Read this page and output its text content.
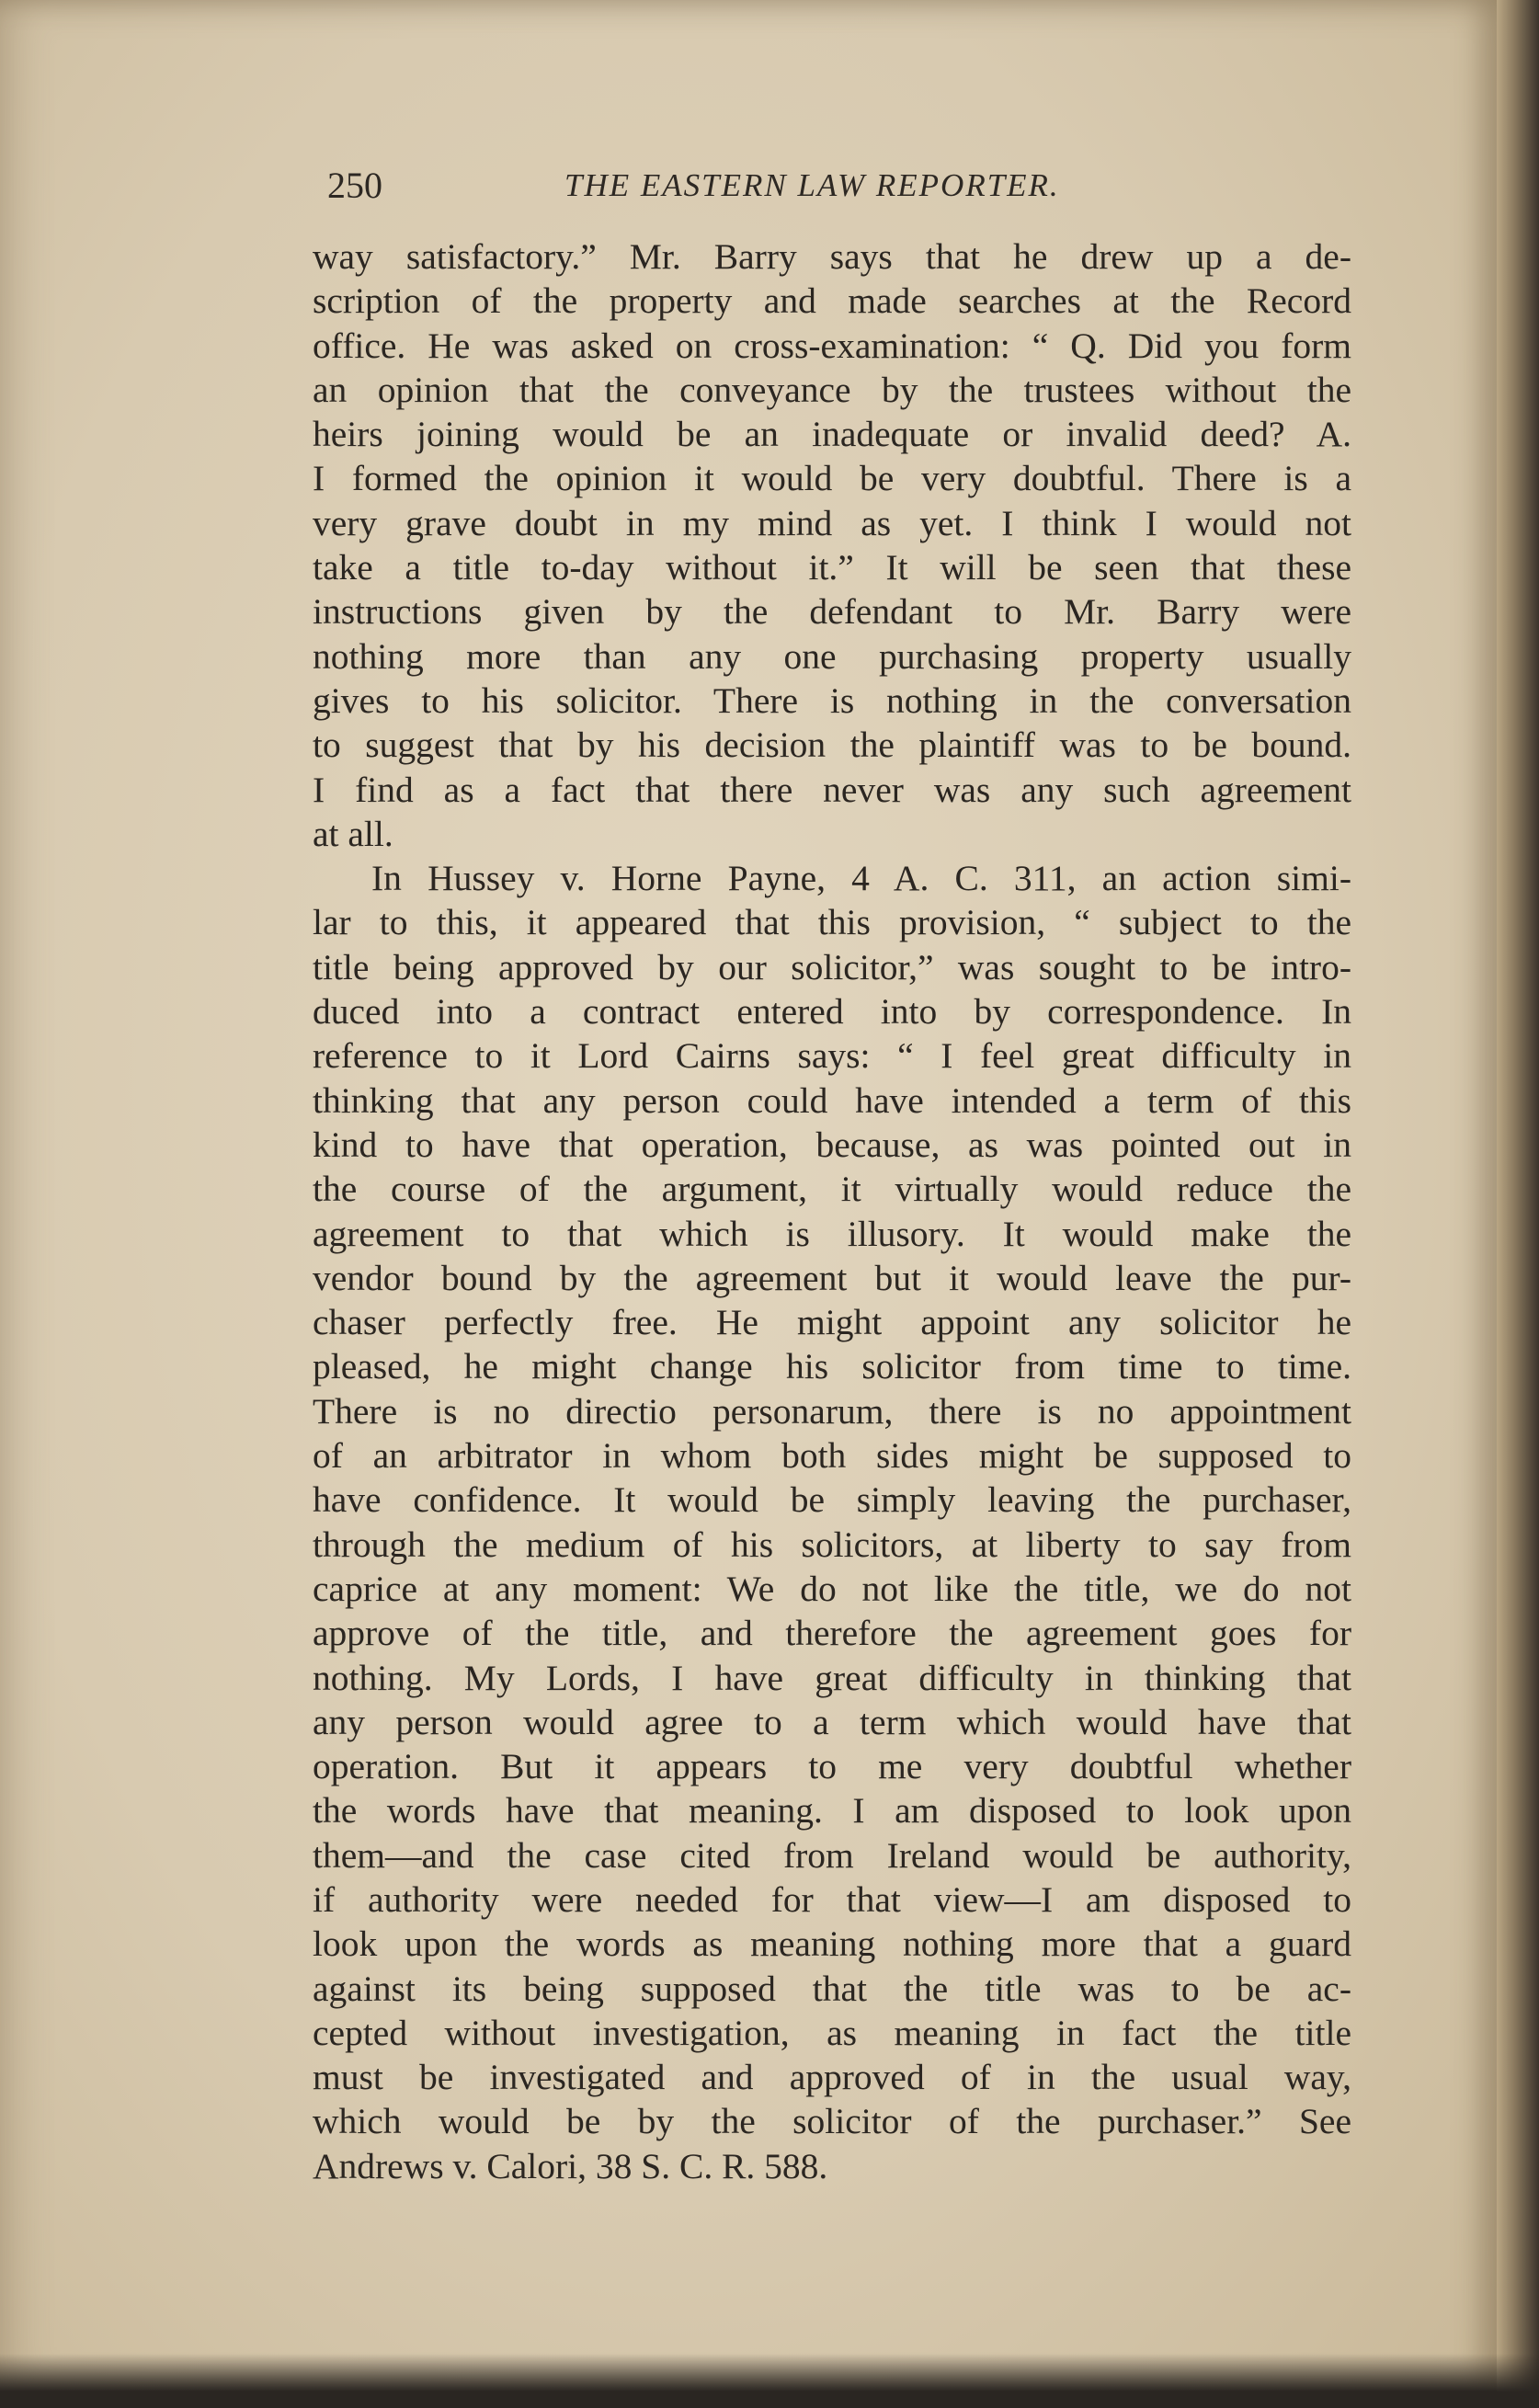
250	THE EASTERN LAW REPORTER.
way satisfactory.” Mr. Barry says that he drew up a de-
scription of the property and made searches at the Record
office. He was asked on cross-examination: “ Q. Did you form
an opinion that the conveyance by the trustees without the
heirs joining would be an inadequate or invalid deed? A.
I formed the opinion it would be very doubtful. There is a
very grave doubt in my mind as yet. I think I would not
take a title to-day without it.” It will be seen that these
instructions given by the defendant to Mr. Barry were
nothing more than any one purchasing property usually
gives to his solicitor. There is nothing in the conversation
to suggest that by his decision the plaintiff was to be bound.
I find as a fact that there never was any such agreement
at all.
In Hussey v. Horne Payne, 4 A. C. 311, an action simi-
lar to this, it appeared that this provision, “ subject to the
title being approved by our solicitor,” was sought to be intro-
duced into a contract entered into by correspondence. In
reference to it Lord Cairns says: “ I feel great difficulty in
thinking that any person could have intended a term of this
kind to have that operation, because, as was pointed out in
the course of the argument, it virtually would reduce the
agreement to that which is illusory. It would make the
vendor bound by the agreement but it would leave the pur-
chaser perfectly free. He might appoint any solicitor he
pleased, he might change his solicitor from time to time.
There is no directio personarum, there is no appointment
of an arbitrator in whom both sides might be supposed to
have confidence. It would be simply leaving the purchaser,
through the medium of his solicitors, at liberty to say from
caprice at any moment: We do not like the title, we do not
approve of the title, and therefore the agreement goes for
nothing. My Lords, I have great difficulty in thinking that
any person would agree to a term which would have that
operation. But it appears to me very doubtful whether
the words have that meaning. I am disposed to look upon
them—and the case cited from Ireland would be authority,
if authority were needed for that view—I am disposed to
look upon the words as meaning nothing more that a guard
against its being supposed that the title was to be ac-
cepted without investigation, as meaning in fact the title
must be investigated and approved of in the usual way,
which would be by the solicitor of the purchaser.” See
Andrews v. Calori, 38 S. C. R. 588.
